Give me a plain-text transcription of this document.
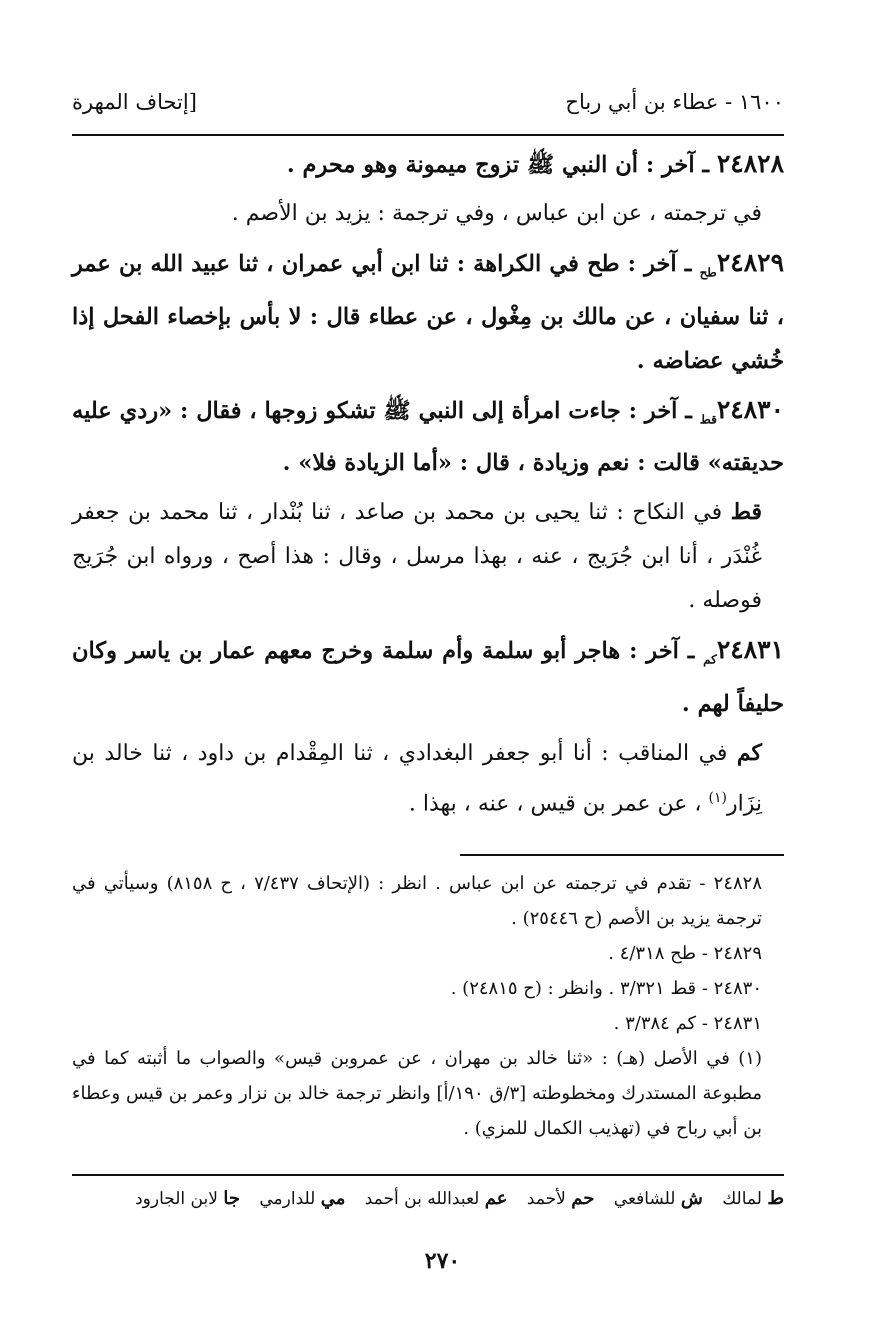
١٦٠٠ - عطاء بن أبي رباح
[إتحاف المهرة

٢٤٨٢٨ ـ آخر : أن النبي ﷺ تزوج ميمونة وهو محرم .

في ترجمته ، عن ابن عباس ، وفي ترجمة : يزيد بن الأصم .

$٢٤٨٢٩_{طح}$ ـ آخر : طح في الكراهة : ثنا ابن أبي عمران ، ثنا عبيد الله بن عمر ، ثنا سفيان ، عن مالك بن مِغْول ، عن عطاء قال : لا بأس بإخصاء الفحل إذا خُشي عضاضه .

$٢٤٨٣٠_{قط}$ ـ آخر : جاءت امرأة إلى النبي ﷺ تشكو زوجها ، فقال : «ردي عليه حديقته» قالت : نعم وزيادة ، قال : «أما الزيادة فلا» .

قط في النكاح : ثنا يحيى بن محمد بن صاعد ، ثنا بُنْدار ، ثنا محمد بن جعفر غُنْدَر ، أنا ابن جُرَيج ، عنه ، بهذا مرسل ، وقال : هذا أصح ، ورواه ابن جُرَيج فوصله .

$٢٤٨٣١_{كم}$ ـ آخر : هاجر أبو سلمة وأم سلمة وخرج معهم عمار بن ياسر وكان حليفاً لهم .

كم في المناقب : أنا أبو جعفر البغدادي ، ثنا المِقْدام بن داود ، ثنا خالد بن نِزَار$^{(١)}$ ، عن عمر بن قيس ، عنه ، بهذا .

٢٤٨٢٨ - تقدم في ترجمته عن ابن عباس . انظر : (الإتحاف ٧/٤٣٧ ، ح ٨١٥٨) وسيأتي في ترجمة يزيد بن الأصم (ح ٢٥٤٤٦) .

٢٤٨٢٩ - طح ٤/٣١٨ .

٢٤٨٣٠ - قط ٣/٣٢١ . وانظر : (ح ٢٤٨١٥) .

٢٤٨٣١ - كم ٣/٣٨٤ .

(١) في الأصل (هـ) : «ثنا خالد بن مهران ، عن عمروبن قيس» والصواب ما أثبته كما في مطبوعة المستدرك ومخطوطته [٣/ق ١٩٠/أ] وانظر ترجمة خالد بن نزار وعمر بن قيس وعطاء بن أبي رباح في (تهذيب الكمال للمزي) .

ط لمالك ش للشافعي حم لأحمد عم لعبدالله بن أحمد مي للدارمي جا لابن الجارود
٢٧٠
